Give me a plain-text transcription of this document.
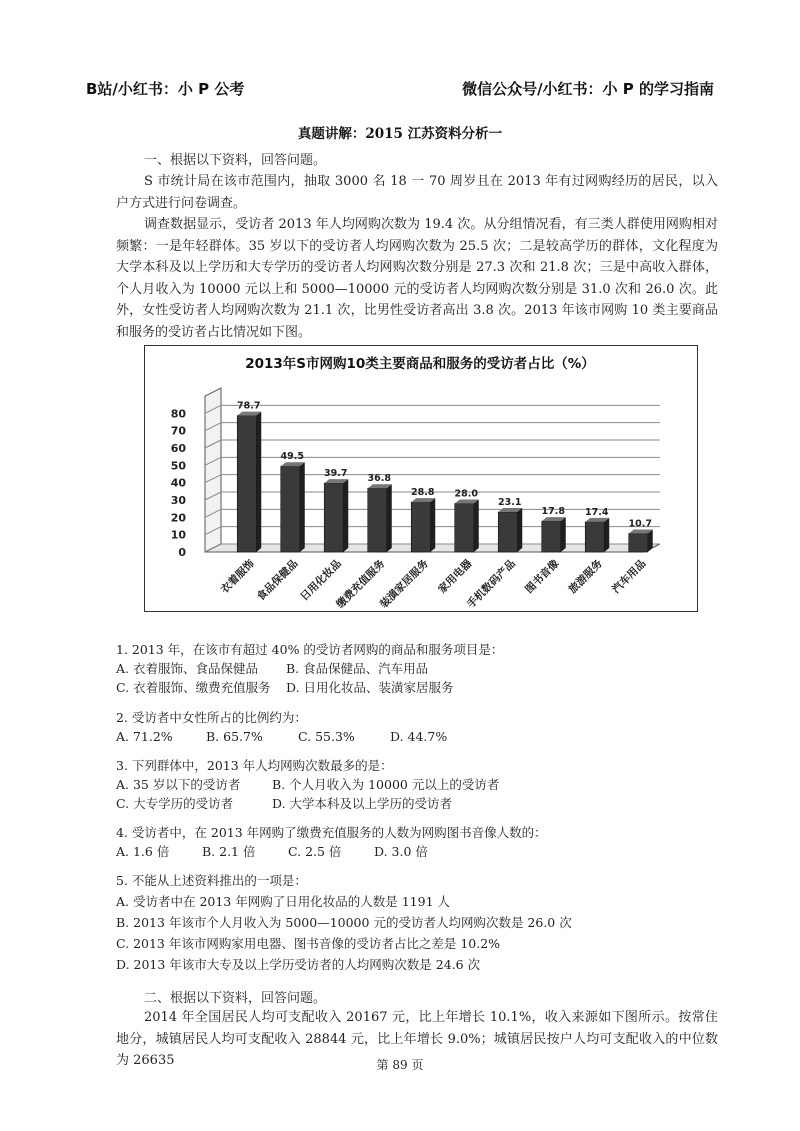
B站/小红书：小 P 公考	微信公众号/小红书：小 P 的学习指南
真题讲解：2015 江苏资料分析一

一、根据以下资料，回答问题。

S 市统计局在该市范围内，抽取 3000 名 18 一 70 周岁且在 2013 年有过网购经历的居民，以入户方式进行问卷调查。

调查数据显示，受访者 2013 年人均网购次数为 19.4 次。从分组情况看，有三类人群使用网购相对频繁：一是年轻群体。35 岁以下的受访者人均网购次数为 25.5 次；二是较高学历的群体，文化程度为大学本科及以上学历和大专学历的受访者人均网购次数分别是 27.3 次和 21.8 次；三是中高收入群体，个人月收入为 10000 元以上和 5000—10000 元的受访者人均网购次数分别是 31.0 次和 26.0 次。此外，女性受访者人均网购次数为 21.1 次，比男性受访者高出 3.8 次。2013 年该市网购 10 类主要商品和服务的受访者占比情况如下图。

2013年S市网购10类主要商品和服务的受访者占比（%）
0
10
20
30
40
50
60
70
80
78.7
衣着服饰
49.5
食品保健品
39.7
日用化妆品
36.8
缴费充值服务
28.8
装潢家居服务
28.0
家用电器
23.1
手机数码产品
17.8
图书音像
17.4
旅游服务
10.7
汽车用品
1. 2013 年，在该市有超过 40% 的受访者网购的商品和服务项目是：
A. 衣着服饰、食品保健品 B. 食品保健品、汽车用品
C. 衣着服饰、缴费充值服务 D. 日用化妆品、装潢家居服务
2. 受访者中女性所占的比例约为：
A. 71.2%	B. 65.7%	C. 55.3%	D. 44.7%
3. 下列群体中，2013 年人均网购次数最多的是：
A. 35 岁以下的受访者	B. 个人月收入为 10000 元以上的受访者
C. 大专学历的受访者	D. 大学本科及以上学历的受访者
4. 受访者中，在 2013 年网购了缴费充值服务的人数为网购图书音像人数的：
A. 1.6 倍	B. 2.1 倍	C. 2.5 倍	D. 3.0 倍
5. 不能从上述资料推出的一项是：
A. 受访者中在 2013 年网购了日用化妆品的人数是 1191 人
B. 2013 年该市个人月收入为 5000—10000 元的受访者人均网购次数是 26.0 次
C. 2013 年该市网购家用电器、图书音像的受访者占比之差是 10.2%
D. 2013 年该市大专及以上学历受访者的人均网购次数是 24.6 次

二、根据以下资料，回答问题。

2014 年全国居民人均可支配收入 20167 元，比上年增长 10.1%，收入来源如下图所示。按常住地分，城镇居民人均可支配收入 28844 元，比上年增长 9.0%；城镇居民按户人均可支配收入的中位数为 26635	第 89 页
